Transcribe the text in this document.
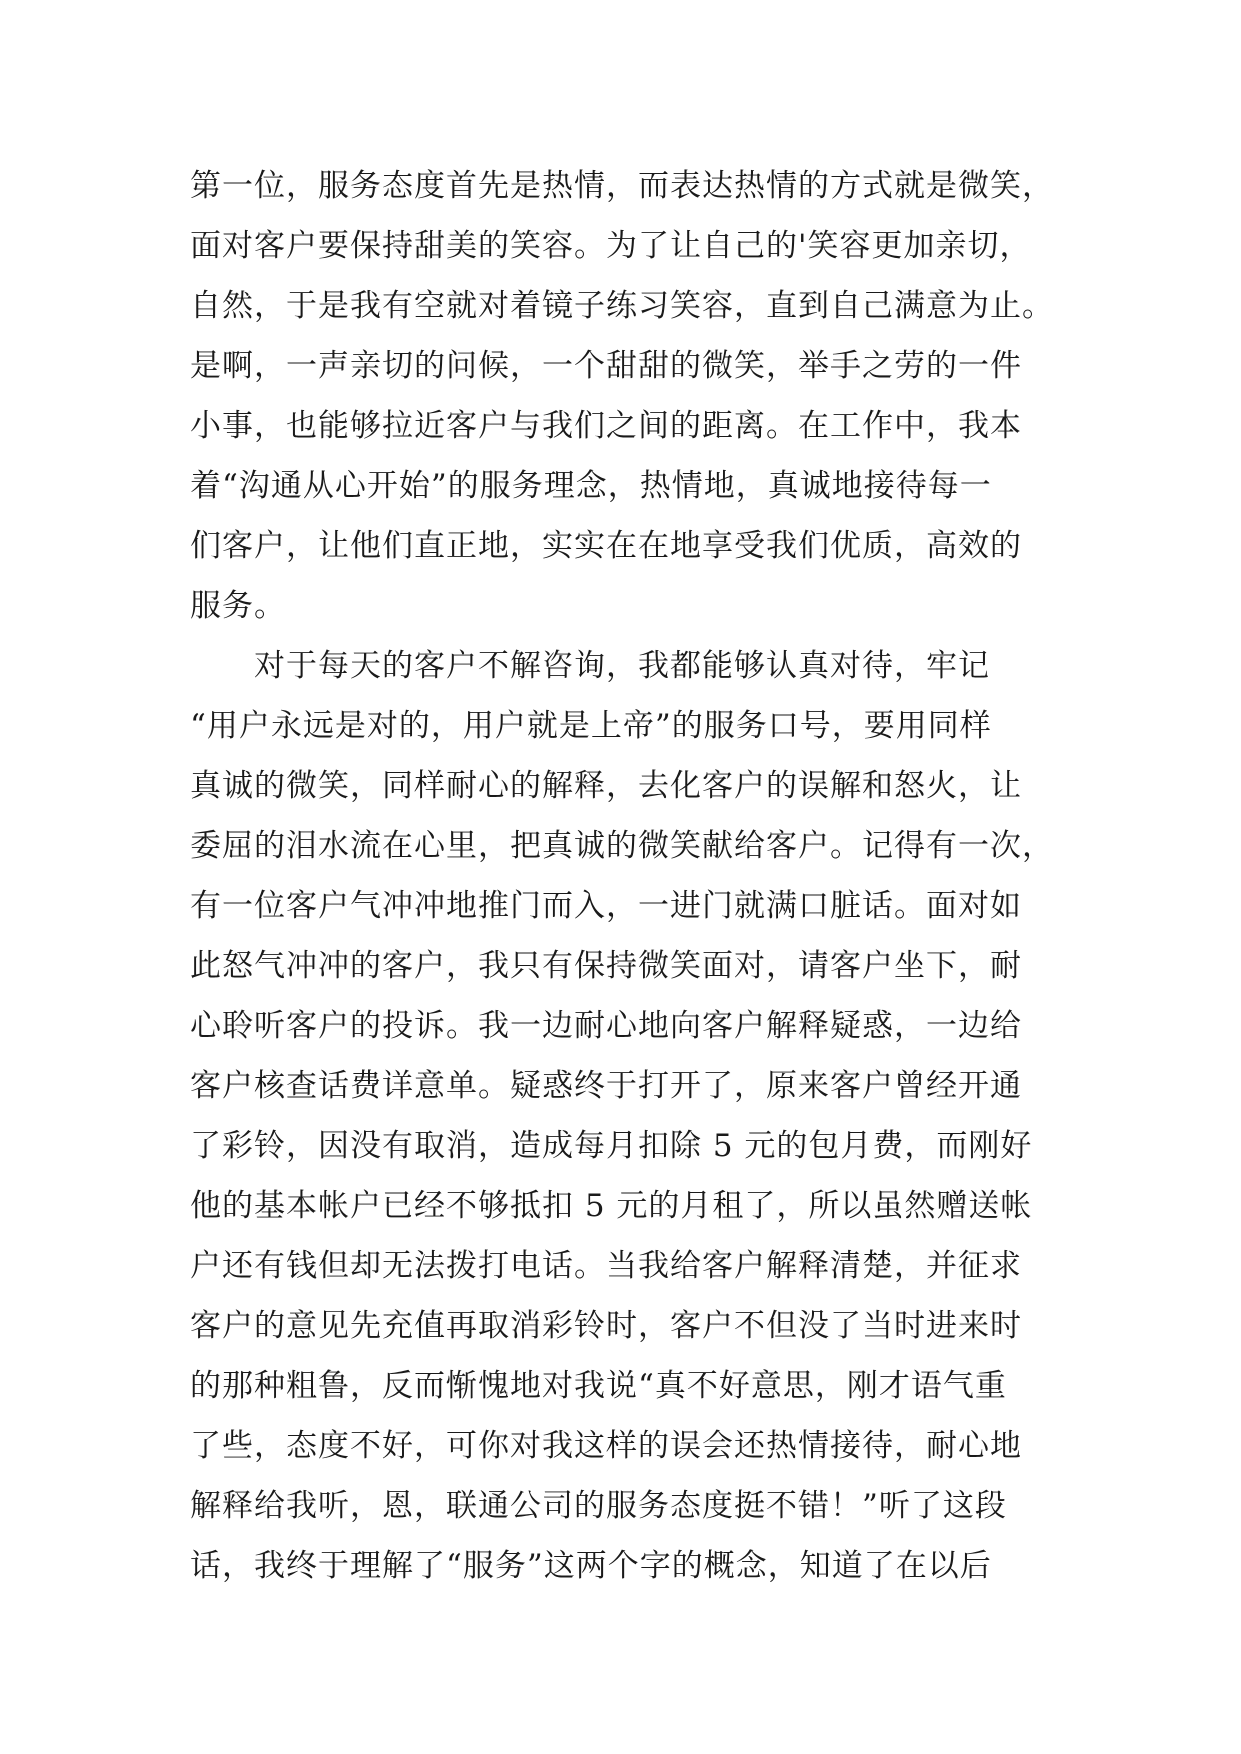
第一位，服务态度首先是热情，而表达热情的方式就是微笑，
面对客户要保持甜美的笑容。为了让自己的'笑容更加亲切，
自然，于是我有空就对着镜子练习笑容，直到自己满意为止。
是啊，一声亲切的问候，一个甜甜的微笑，举手之劳的一件
小事，也能够拉近客户与我们之间的距离。在工作中，我本
着“沟通从心开始”的服务理念，热情地，真诚地接待每一
们客户，让他们直正地，实实在在地享受我们优质，高效的
服务。
对于每天的客户不解咨询，我都能够认真对待，牢记
“用户永远是对的，用户就是上帝”的服务口号，要用同样
真诚的微笑，同样耐心的解释，去化客户的误解和怒火，让
委屈的泪水流在心里，把真诚的微笑献给客户。记得有一次，
有一位客户气冲冲地推门而入，一进门就满口脏话。面对如
此怒气冲冲的客户，我只有保持微笑面对，请客户坐下，耐
心聆听客户的投诉。我一边耐心地向客户解释疑惑，一边给
客户核查话费详意单。疑惑终于打开了，原来客户曾经开通
了彩铃，因没有取消，造成每月扣除 5 元的包月费，而刚好
他的基本帐户已经不够抵扣 5 元的月租了，所以虽然赠送帐
户还有钱但却无法拨打电话。当我给客户解释清楚，并征求
客户的意见先充值再取消彩铃时，客户不但没了当时进来时
的那种粗鲁，反而惭愧地对我说“真不好意思，刚才语气重
了些，态度不好，可你对我这样的误会还热情接待，耐心地
解释给我听，恩，联通公司的服务态度挺不错！”听了这段
话，我终于理解了“服务”这两个字的概念，知道了在以后
